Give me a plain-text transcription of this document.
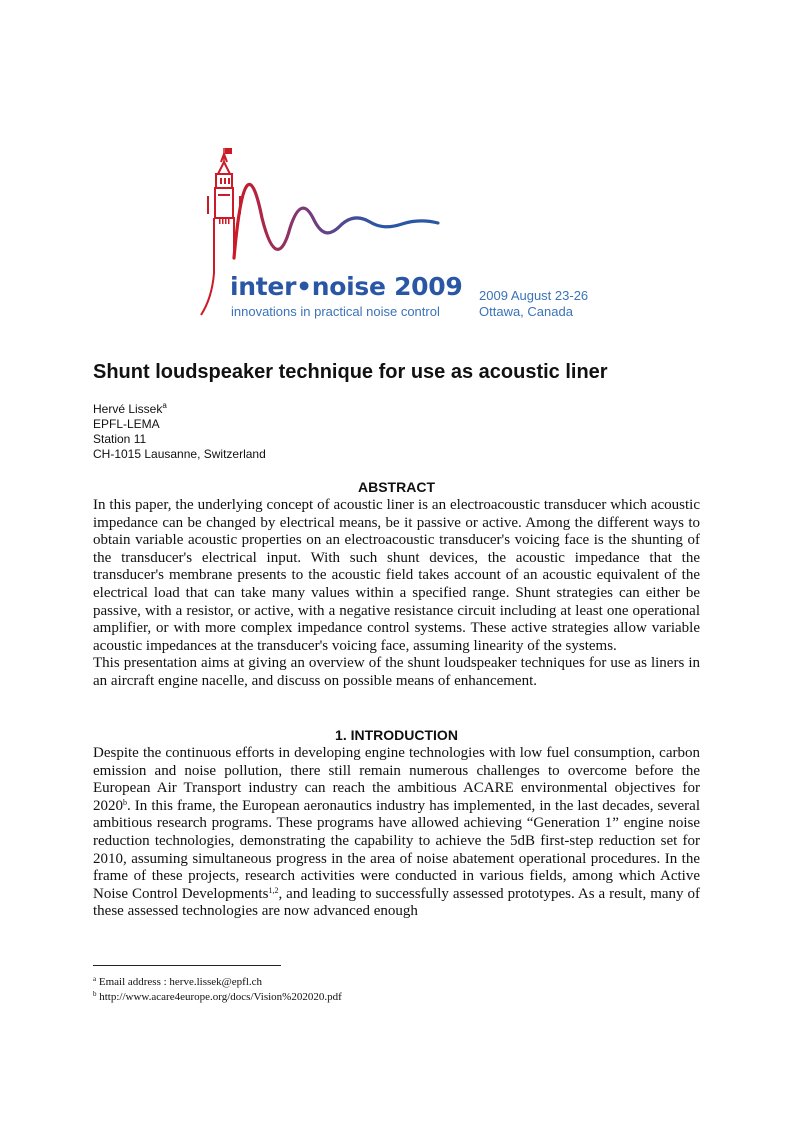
inter•noise 2009
innovations in practical noise control
2009 August 23-26
Ottawa, Canada
Shunt loudspeaker technique for use as acoustic liner
Hervé Lissek$^a$
EPFL-LEMA
Station 11
CH-1015 Lausanne, Switzerland
ABSTRACT

In this paper, the underlying concept of acoustic liner is an electroacoustic transducer which acoustic impedance can be changed by electrical means, be it passive or active. Among the different ways to obtain variable acoustic properties on an electroacoustic transducer's voicing face is the shunting of the transducer's electrical input. With such shunt devices, the acoustic impedance that the transducer's membrane presents to the acoustic field takes account of an acoustic equivalent of the electrical load that can take many values within a specified range. Shunt strategies can either be passive, with a resistor, or active, with a negative resistance circuit including at least one operational amplifier, or with more complex impedance control systems. These active strategies allow variable acoustic impedances at the transducer's voicing face, assuming linearity of the systems.

This presentation aims at giving an overview of the shunt loudspeaker techniques for use as liners in an aircraft engine nacelle, and discuss on possible means of enhancement.

1. INTRODUCTION

Despite the continuous efforts in developing engine technologies with low fuel consumption, carbon emission and noise pollution, there still remain numerous challenges to overcome before the European Air Transport industry can reach the ambitious ACARE environmental objectives for 2020$^b$. In this frame, the European aeronautics industry has implemented, in the last decades, several ambitious research programs. These programs have allowed achieving “Generation 1” engine noise reduction technologies, demonstrating the capability to achieve the 5dB first-step reduction set for 2010, assuming simultaneous progress in the area of noise abatement operational procedures. In the frame of these projects, research activities were conducted in various fields, among which Active Noise Control Developments$^{1,2}$, and leading to successfully assessed prototypes. As a result, many of these assessed technologies are now advanced enough

$^a$ Email address : herve.lissek@epfl.ch
$^b$ http://www.acare4europe.org/docs/Vision%202020.pdf
